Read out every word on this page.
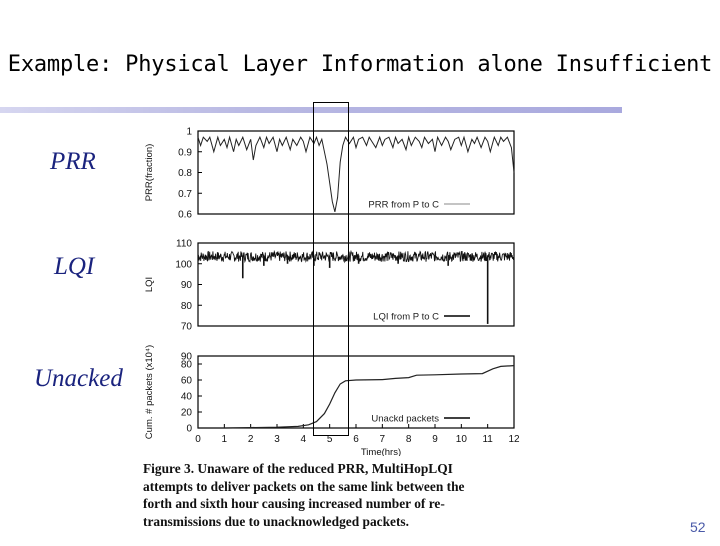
Example: Physical Layer Information alone Insufficient
PRR
LQI
Unacked
1
0.9
0.8
0.7
0.6
PRR(fraction)
PRR from P to C
110
100
90
80
70
LQI
LQI from P to C
90
80
60
40
20
0
Cum. # packets (x10⁴)
0 1 2 3 4 5 6 7 8 9 10 11 12
Time(hrs)
Unackd packets
Figure 3. Unaware of the reduced PRR, MultiHopLQI
attempts to deliver packets on the same link between the
forth and sixth hour causing increased number of re-
transmissions due to unacknowledged packets.	52
